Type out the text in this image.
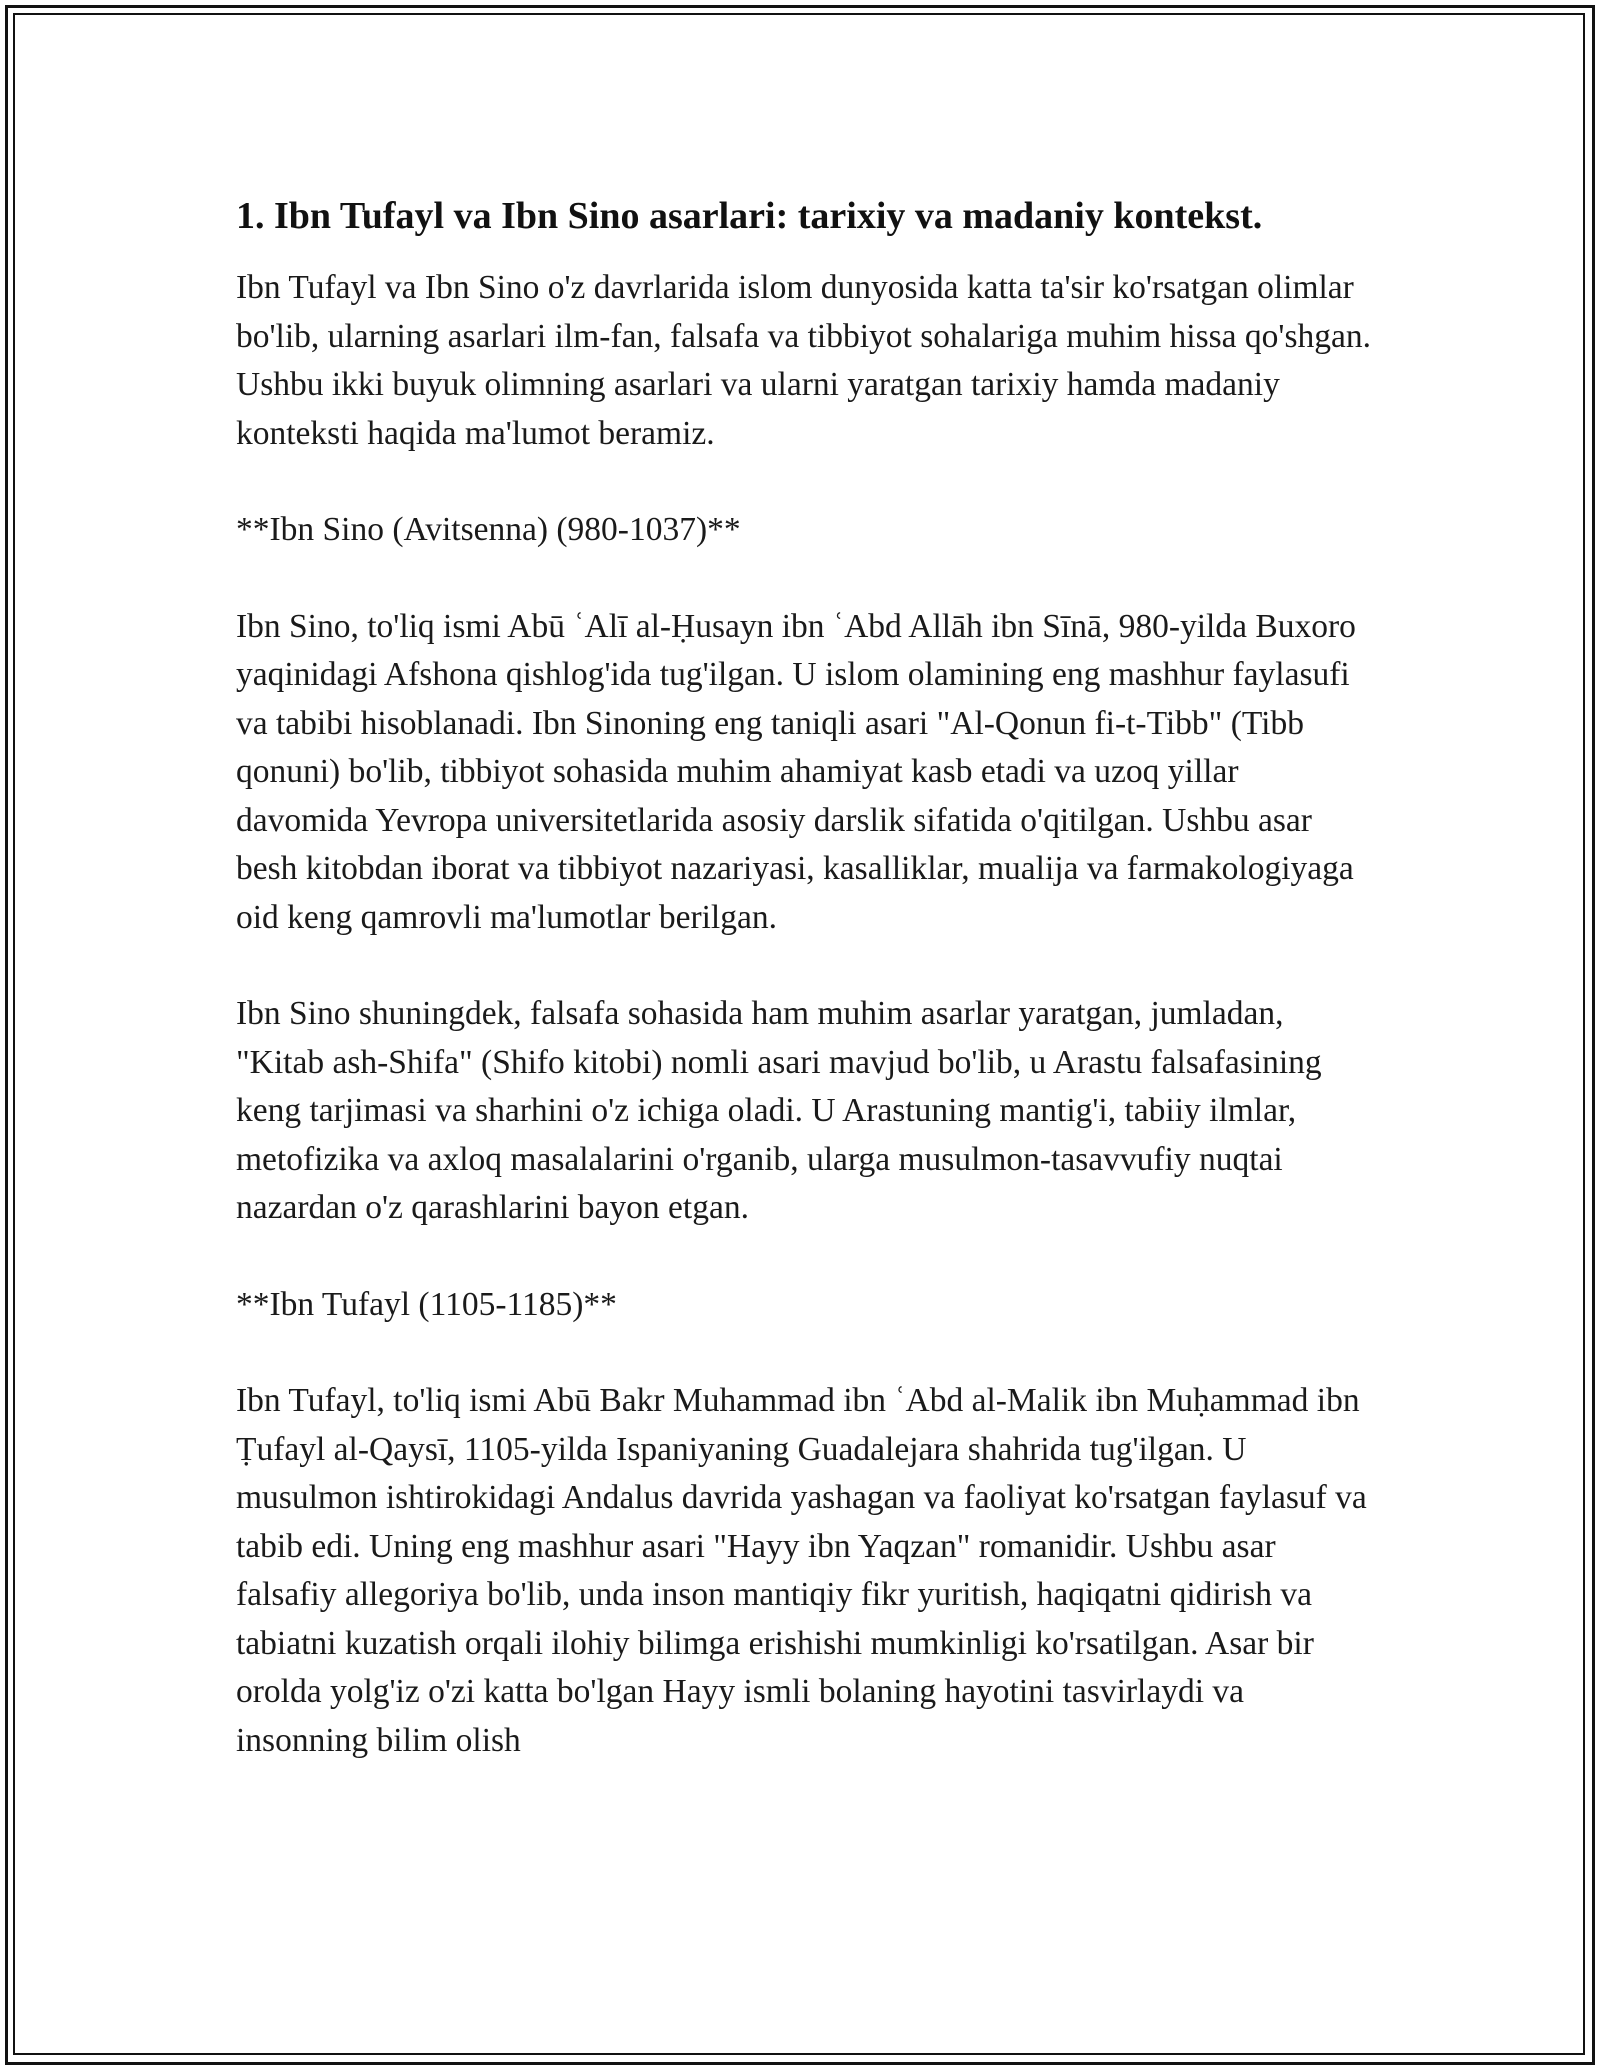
1. Ibn Tufayl va Ibn Sino asarlari: tarixiy va madaniy kontekst.

Ibn Tufayl va Ibn Sino o'z davrlarida islom dunyosida katta ta'sir ko'rsatgan olimlar bo'lib, ularning asarlari ilm-fan, falsafa va tibbiyot sohalariga muhim hissa qo'shgan. Ushbu ikki buyuk olimning asarlari va ularni yaratgan tarixiy hamda madaniy konteksti haqida ma'lumot beramiz.

**Ibn Sino (Avitsenna) (980-1037)**

Ibn Sino, to'liq ismi Abū ʿAlī al-Ḥusayn ibn ʿAbd Allāh ibn Sīnā, 980-yilda Buxoro yaqinidagi Afshona qishlog'ida tug'ilgan. U islom olamining eng mashhur faylasufi va tabibi hisoblanadi. Ibn Sinoning eng taniqli asari "Al-Qonun fi-t-Tibb" (Tibb qonuni) bo'lib, tibbiyot sohasida muhim ahamiyat kasb etadi va uzoq yillar davomida Yevropa universitetlarida asosiy darslik sifatida o'qitilgan. Ushbu asar besh kitobdan iborat va tibbiyot nazariyasi, kasalliklar, mualija va farmakologiyaga oid keng qamrovli ma'lumotlar berilgan.

Ibn Sino shuningdek, falsafa sohasida ham muhim asarlar yaratgan, jumladan, "Kitab ash-Shifa" (Shifo kitobi) nomli asari mavjud bo'lib, u Arastu falsafasining keng tarjimasi va sharhini o'z ichiga oladi. U Arastuning mantig'i, tabiiy ilmlar, metofizika va axloq masalalarini o'rganib, ularga musulmon-tasavvufiy nuqtai nazardan o'z qarashlarini bayon etgan.

**Ibn Tufayl (1105-1185)**

Ibn Tufayl, to'liq ismi Abū Bakr Muhammad ibn ʿAbd al-Malik ibn Muḥammad ibn Ṭufayl al-Qaysī, 1105-yilda Ispaniyaning Guadalejara shahrida tug'ilgan. U musulmon ishtirokidagi Andalus davrida yashagan va faoliyat ko'rsatgan faylasuf va tabib edi. Uning eng mashhur asari "Hayy ibn Yaqzan" romanidir. Ushbu asar falsafiy allegoriya bo'lib, unda inson mantiqiy fikr yuritish, haqiqatni qidirish va tabiatni kuzatish orqali ilohiy bilimga erishishi mumkinligi ko'rsatilgan. Asar bir orolda yolg'iz o'zi katta bo'lgan Hayy ismli bolaning hayotini tasvirlaydi va insonning bilim olish
